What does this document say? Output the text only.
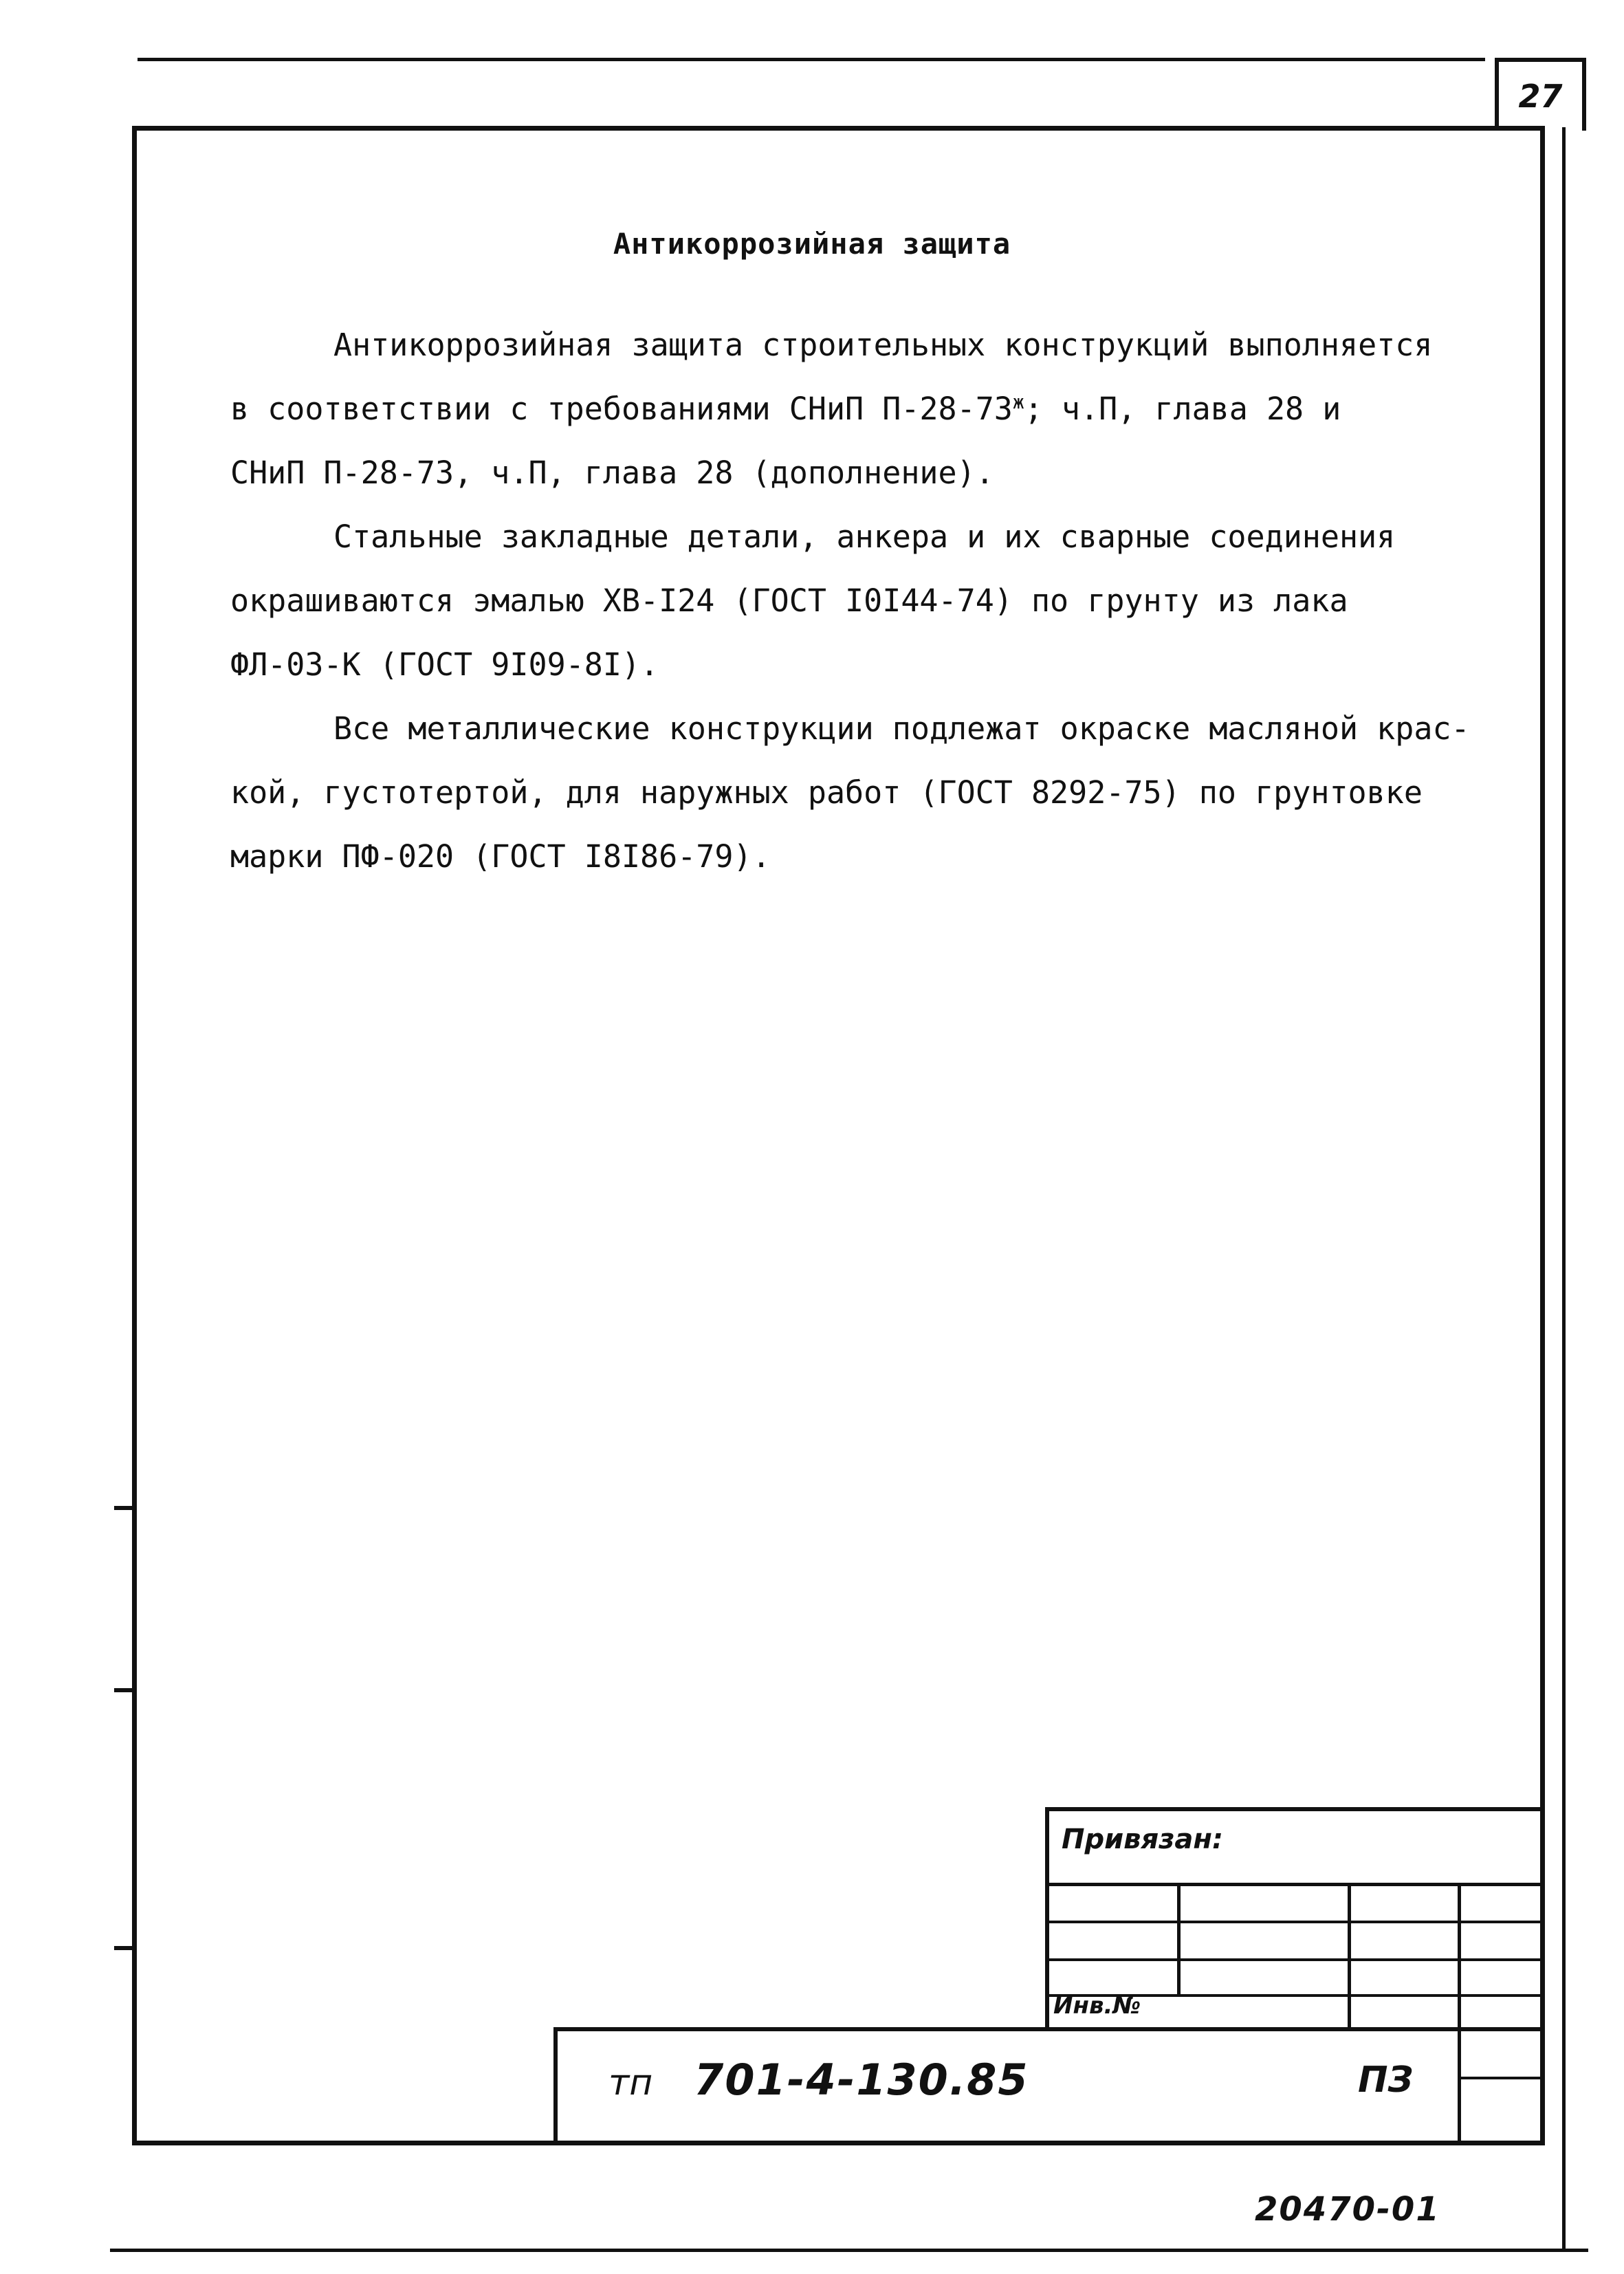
27
Антикоррозийная защита

Антикоррозийная защита строительных конструкций выполняется

в соответствии с требованиями СНиП $П-28-73^ж$; ч.П, глава 28 и

СНиП П-28-73, ч.П, глава 28 (дополнение).

Стальные закладные детали, анкера и их сварные соединения

окрашиваются эмалью ХВ-I24 (ГОСТ I0I44-74) по грунту из лака

ФЛ-03-К (ГОСТ 9I09-8I).

Все металлические конструкции подлежат окраске масляной крас-

кой, густотертой, для наружных работ (ГОСТ 8292-75) по грунтовке

марки ПФ-020 (ГОСТ I8I86-79).

Привязан:
Инв.№
тп 701-4-130.85	ПЗ
20470-01
